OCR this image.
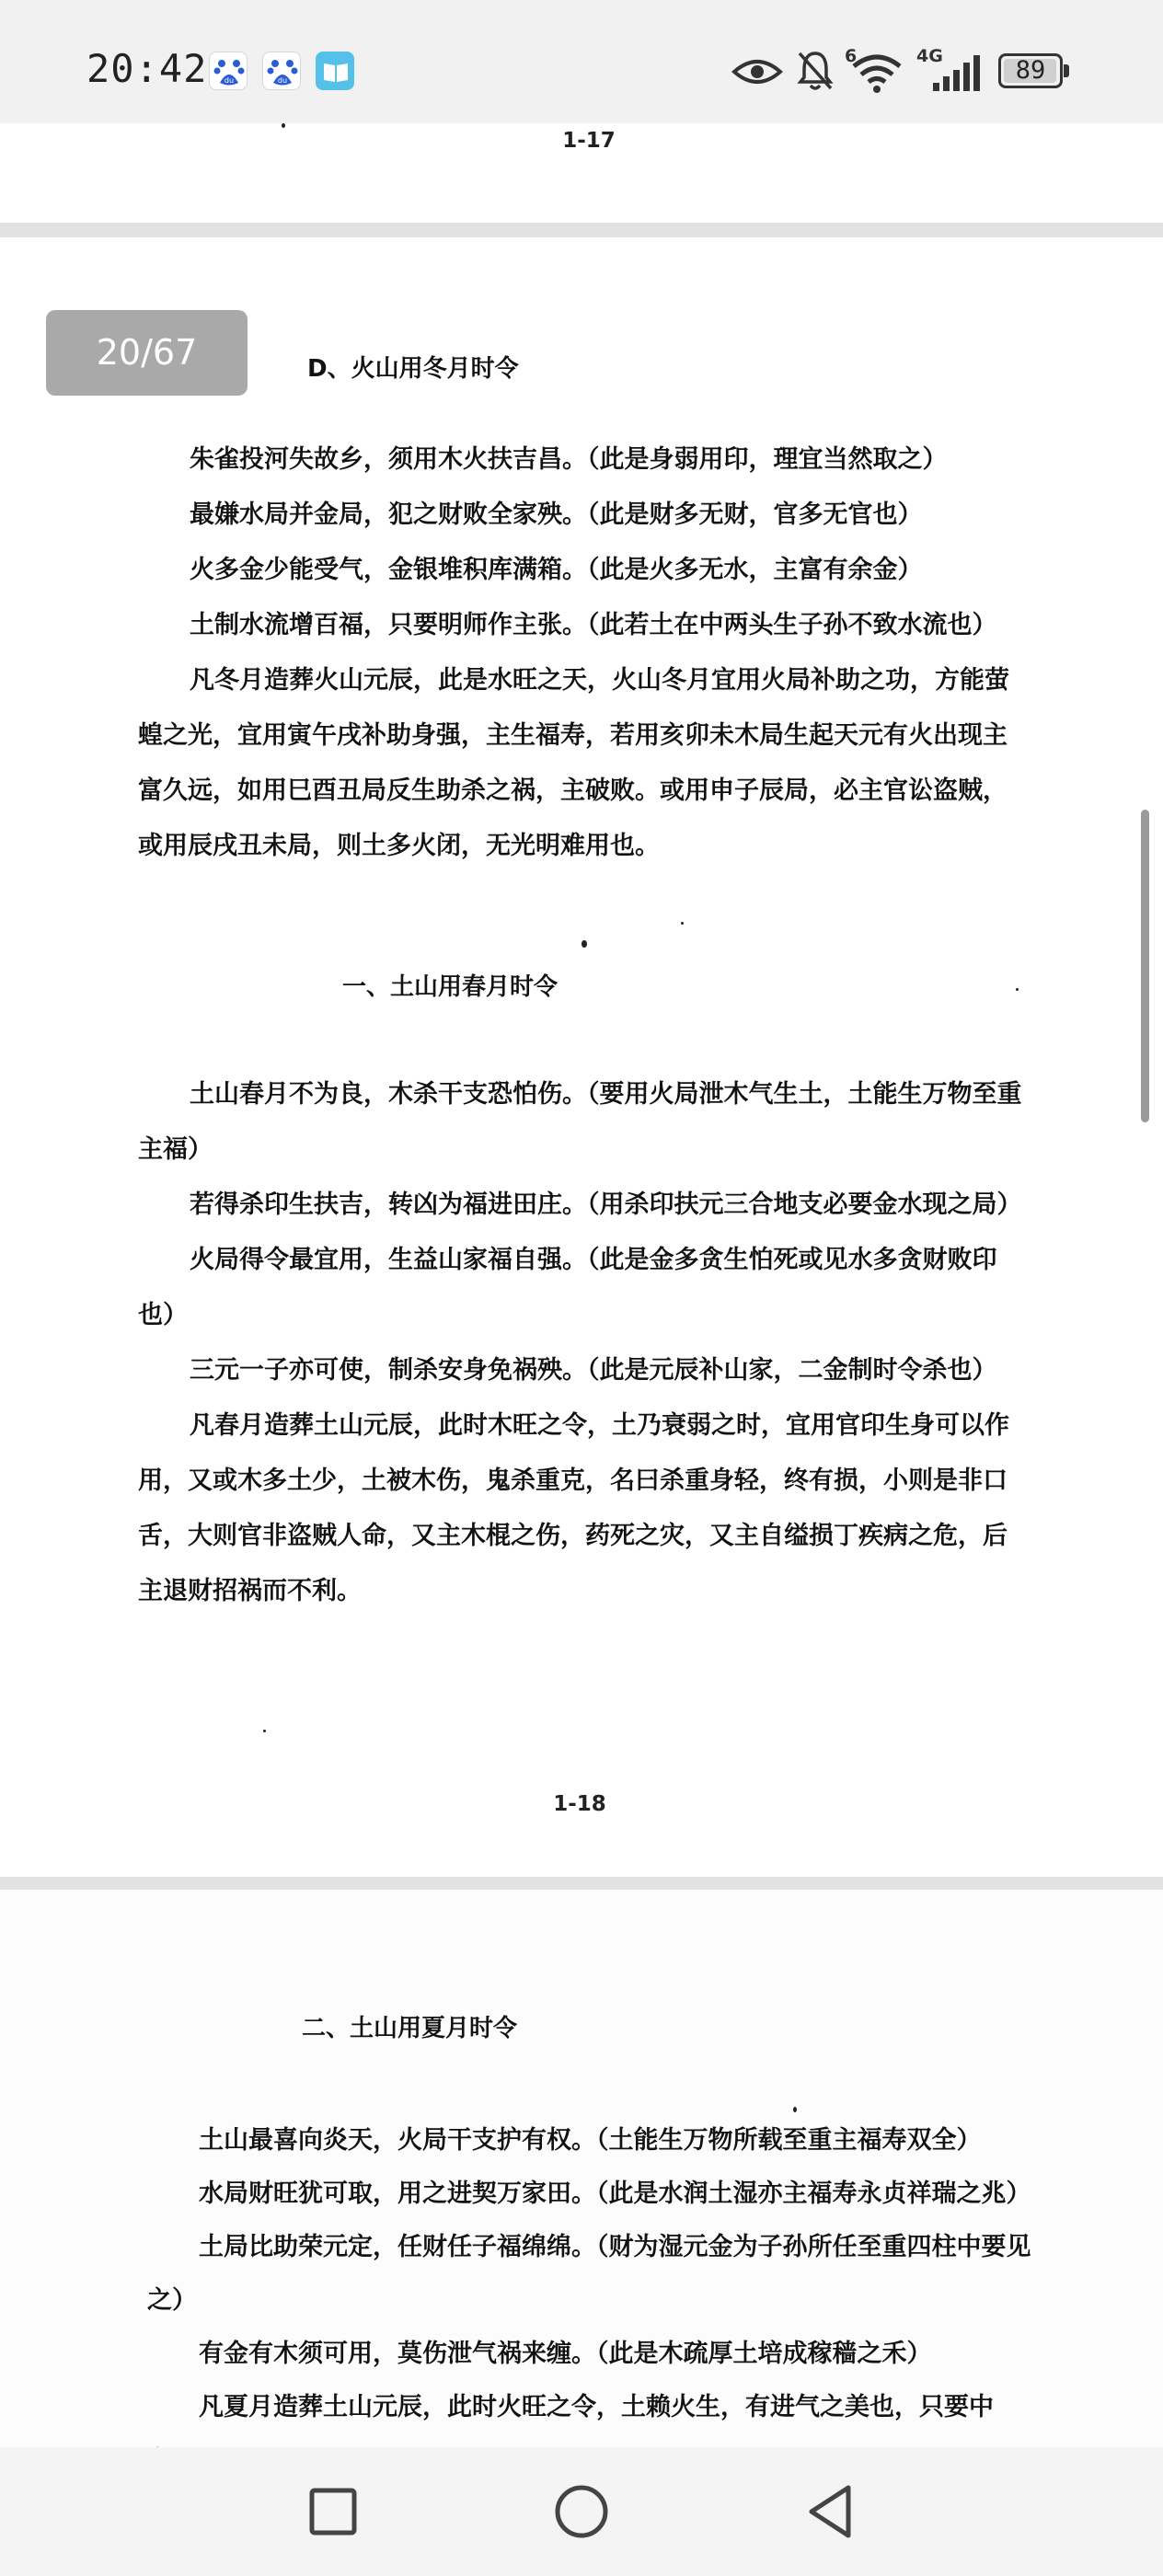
20:42 du	du
6	4G	89
1-17
D、火山用冬月时令

朱雀投河失故乡，须用木火扶吉昌。（此是身弱用印，理宜当然取之）

最嫌水局并金局，犯之财败全家殃。（此是财多无财，官多无官也）

火多金少能受气，金银堆积库满箱。（此是火多无水，主富有余金）

土制水流增百福，只要明师作主张。（此若土在中两头生子孙不致水流也）

凡冬月造葬火山元辰，此是水旺之天，火山冬月宜用火局补助之功，方能萤蝗之光，宜用寅午戌补助身强，主生福寿，若用亥卯未木局生起天元有火出现主富久远，如用巳酉丑局反生助杀之祸，主破败。或用申子辰局，必主官讼盗贼，或用辰戌丑未局，则土多火闭，无光明难用也。

一、土山用春月时令

土山春月不为良，木杀干支恐怕伤。（要用火局泄木气生土，土能生万物至重主福）

若得杀印生扶吉，转凶为福进田庄。（用杀印扶元三合地支必要金水现之局）

火局得令最宜用，生益山家福自强。（此是金多贪生怕死或见水多贪财败印也）

三元一子亦可使，制杀安身免祸殃。（此是元辰补山家，二金制时令杀也）

凡春月造葬土山元辰，此时木旺之令，土乃衰弱之时，宜用官印生身可以作用，又或木多土少，土被木伤，鬼杀重克，名曰杀重身轻，终有损，小则是非口舌，大则官非盗贼人命，又主木棍之伤，药死之灾，又主自缢损丁疾病之危，后主退财招祸而不利。

1-18
二、土山用夏月时令

土山最喜向炎天，火局干支护有权。（土能生万物所载至重主福寿双全）

水局财旺犹可取，用之进契万家田。（此是水润土湿亦主福寿永贞祥瑞之兆）

土局比助荣元定，任财任子福绵绵。（财为湿元金为子孙所任至重四柱中要见之）

有金有木须可用，莫伤泄气祸来缠。（此是木疏厚土培成稼穑之禾）

凡夏月造葬土山元辰，此时火旺之令，土赖火生，有进气之美也，只要中

20/67
